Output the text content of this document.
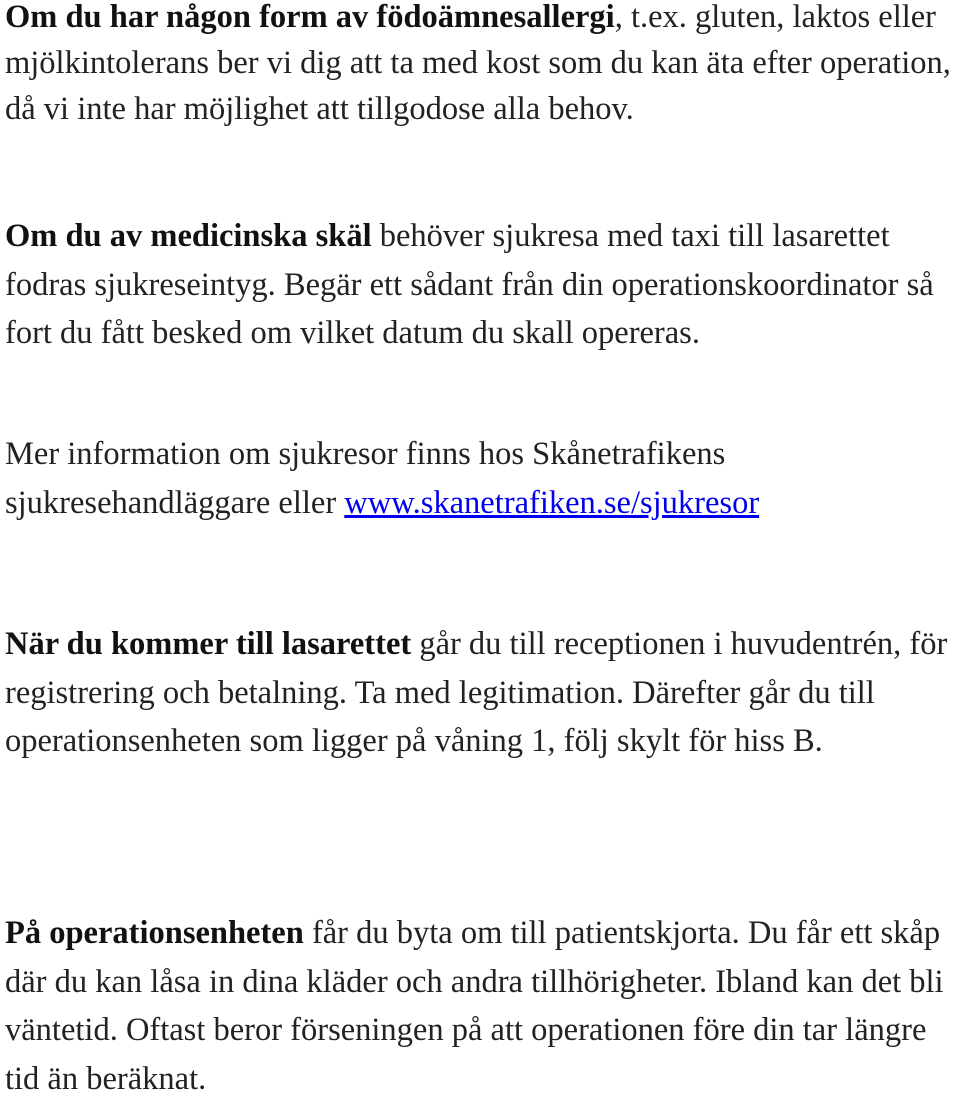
Om du har någon form av födoämnesallergi, t.ex. gluten, laktos eller mjölkintolerans ber vi dig att ta med kost som du kan äta efter operation, då vi inte har möjlighet att tillgodose alla behov.

Om du av medicinska skäl behöver sjukresa med taxi till lasarettet fodras sjukreseintyg. Begär ett sådant från din operationskoordinator så fort du fått besked om vilket datum du skall opereras.

Mer information om sjukresor finns hos Skånetrafikens sjukresehandläggare eller www.skanetrafiken.se/sjukresor

När du kommer till lasarettet går du till receptionen i huvudentrén, för registrering och betalning. Ta med legitimation. Därefter går du till operationsenheten som ligger på våning 1, följ skylt för hiss B.

På operationsenheten får du byta om till patientskjorta. Du får ett skåp där du kan låsa in dina kläder och andra tillhörigheter. Ibland kan det bli väntetid. Oftast beror förseningen på att operationen före din tar längre tid än beräknat.
